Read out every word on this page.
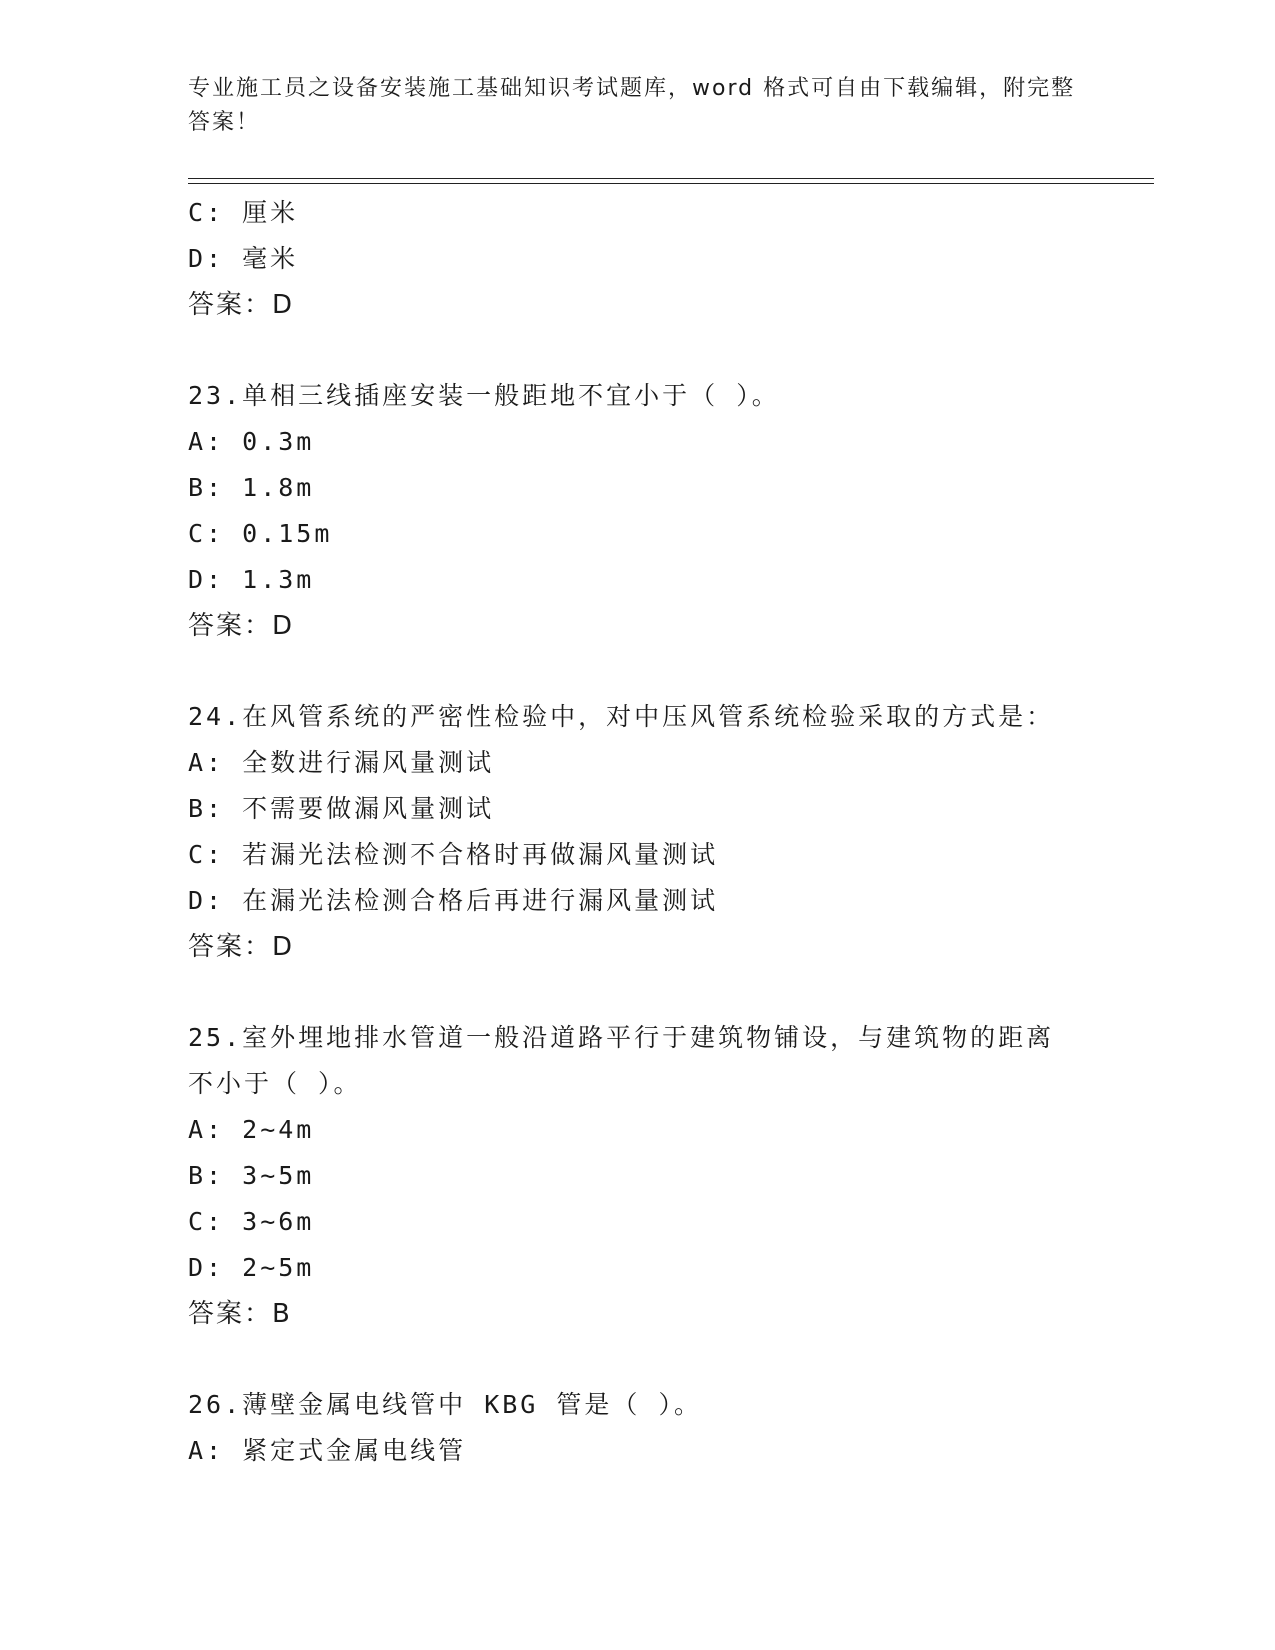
专业施工员之设备安装施工基础知识考试题库，word 格式可自由下载编辑，附完整答案！
C: 厘米
D: 毫米
答案：D
23.单相三线插座安装一般距地不宜小于（ ）。
A: 0.3m
B: 1.8m
C: 0.15m
D: 1.3m
答案：D
24.在风管系统的严密性检验中，对中压风管系统检验采取的方式是：
A: 全数进行漏风量测试
B: 不需要做漏风量测试
C: 若漏光法检测不合格时再做漏风量测试
D: 在漏光法检测合格后再进行漏风量测试
答案：D
25.室外埋地排水管道一般沿道路平行于建筑物铺设，与建筑物的距离不小于（ ）。
A: 2~4m
B: 3~5m
C: 3~6m
D: 2~5m
答案：B
26.薄壁金属电线管中 KBG 管是（ ）。
A: 紧定式金属电线管
